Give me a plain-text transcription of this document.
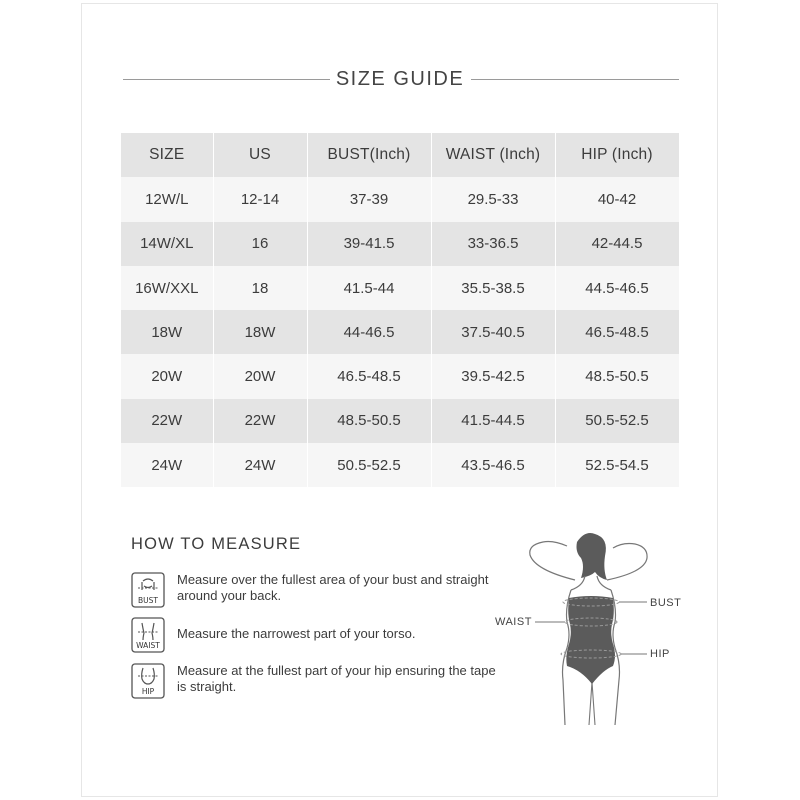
SIZE GUIDE
SIZE	US	BUST(Inch)	WAIST (Inch)	HIP (Inch)
12W/L	12-14	37-39	29.5-33	40-42
14W/XL	16	39-41.5	33-36.5	42-44.5
16W/XXL	18	41.5-44	35.5-38.5	44.5-46.5
18W	18W	44-46.5	37.5-40.5	46.5-48.5
20W	20W	46.5-48.5	39.5-42.5	48.5-50.5
22W	22W	48.5-50.5	41.5-44.5	50.5-52.5
24W	24W	50.5-52.5	43.5-46.5	52.5-54.5
HOW TO MEASURE
BUST
Measure over the fullest area of your bust and straight around your back.
WAIST
Measure the narrowest part of your torso.
HIP
Measure at the fullest part of your hip ensuring the tape is straight.
BUST
WAIST
HIP
